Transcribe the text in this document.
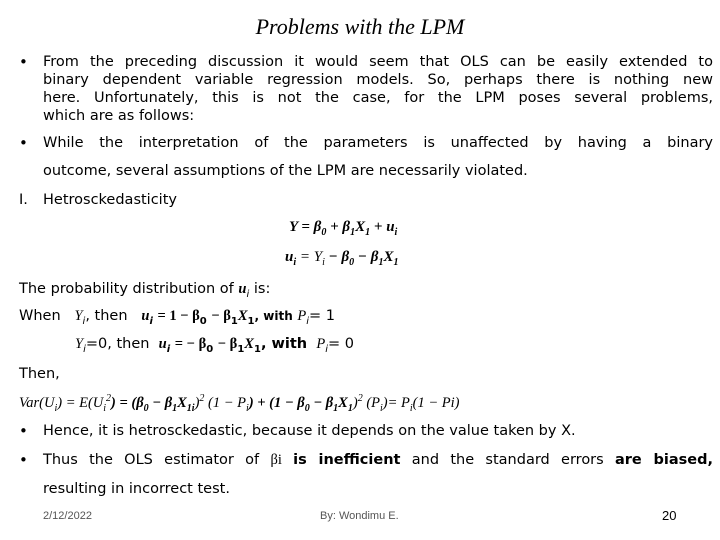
Problems with the LPM
• From the preceding discussion it would seem that OLS can be easily extended to
binary dependent variable regression models. So, perhaps there is nothing new
here. Unfortunately, this is not the case, for the LPM poses several problems,
which are as follows:
• While the interpretation of the parameters is unaffected by having a binary
outcome, several assumptions of the LPM are necessarily violated.
I. Hetrosckedasticity
$Y = \beta_0 + \beta_1X_1 + u_i$
$u_i = Y_i - \beta_0 - \beta_1X_1$
The probability distribution of $u_i$ is:
When $Y_i$, then $u_i = 1 - \beta_0 - \beta_1X_1$, with $P_i= 1$
$Y_i=0$, then $u_i$ = − $\beta_0 - \beta_1X_1$, with $P_i= 0$
Then,
$Var(U_i) = E(U_i^2) = (\beta_0 - \beta_1X_{1i})^2$ $(1 - P_i) + (1 - \beta_0 - \beta_1X_1)^2$ $(P_i)= P_i(1 - Pi)$
• Hence, it is hetrosckedastic, because it depends on the value taken by X.
• Thus the OLS estimator of βi is inefficient and the standard errors are biased,
resulting in incorrect test.
2/12/2022	By: Wondimu E.	20
